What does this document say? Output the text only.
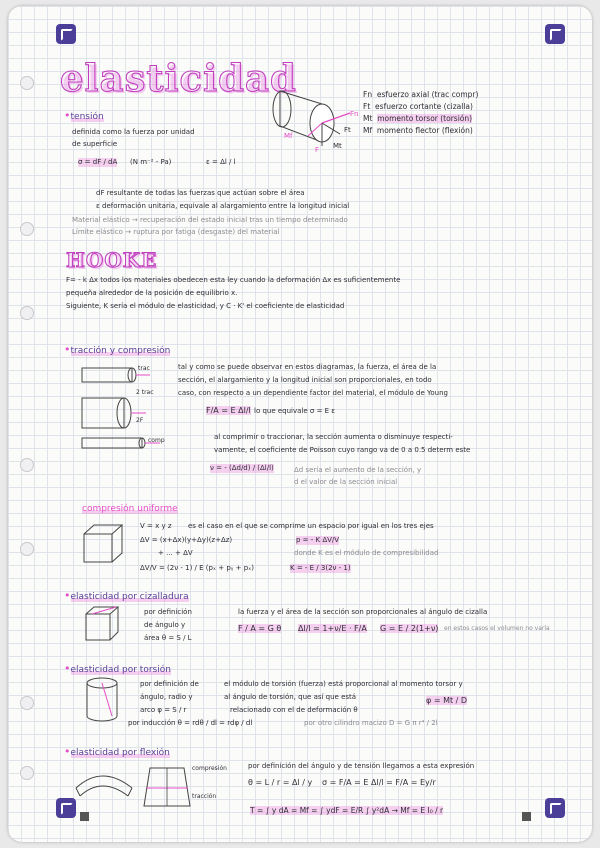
elasticidad
Fn
Ft
Mf
Mt
F
Fn esfuerzo axial (trac compr)
Ft esfuerzo cortante (cizalla)
Mt momento torsor (torsión)
Mf momento flector (flexión)
•tensión
definida como la fuerza por unidad
de superficie
σ = dF / dA (N m⁻² - Pa)	ε = Δl / l
dF resultante de todas las fuerzas que actúan sobre el área
ε deformación unitaria, equivale al alargamiento entre la longitud inicial
Material elástico → recuperación del estado inicial tras un tiempo determinado
Límite elástico → ruptura por fatiga (desgaste) del material
HOOKE
F= - k Δx todos los materiales obedecen esta ley cuando la deformación Δx es suficientemente
pequeña alrededor de la posición de equilibrio x.
Siguiente, K sería el módulo de elasticidad, y C · K' el coeficiente de elasticidad
•tracción y compresión
trac
2 trac
2F
comp
tal y como se puede observar en estos diagramas, la fuerza, el área de la
sección, el alargamiento y la longitud inicial son proporcionales, en todo
caso, con respecto a un dependiente factor del material, el módulo de Young
F/A = E Δl/l lo que equivale σ = E ε
al comprimir o traccionar, la sección aumenta o disminuye respecti-
vamente, el coeficiente de Poisson cuyo rango va de 0 a 0.5 determ este
ν = - (Δd/d) / (Δl/l)	Δd sería el aumento de la sección, y
d el valor de la sección inicial
compresión uniforme
V = x y z es el caso en el que se comprime un espacio por igual en los tres ejes
ΔV = (x+Δx)(y+Δy)(z+Δz)	p = - K ΔV/V
+ ... + ΔV	donde K es el módulo de compresibilidad
ΔV/V = (2ν - 1) / E (pₓ + pᵧ + pₓ)	K = - E / 3(2ν - 1)
•elasticidad por cizalladura
por definición
de ángulo y
área θ = S / L
la fuerza y el área de la sección son proporcionales al ángulo de cizalla
F / A = G θ Δl/l = 1+ν/E · F/A G = E / 2(1+ν) en estos casos el volumen no varía
•elasticidad por torsión
por definición de
ángulo, radio y
arco φ = S / r
el módulo de torsión (fuerza) está proporcional al momento torsor y
al ángulo de torsión, que así que está
relacionado con el de deformación θ
φ = Mt / D
por inducción θ = rdθ / dl = rdφ / dl	por otro cilindro macizo D = G π r⁴ / 2l
•elasticidad por flexión
compresión
tracción
por definición del ángulo y de tensión llegamos a esta expresión
θ = L / r = Δl / y σ = F/A = E Δl/l = F/A = Ey/r
T = ∫ y dA = Mf = ∫ ydF = E/R ∫ y²dA → Mf = E I₀ / r
